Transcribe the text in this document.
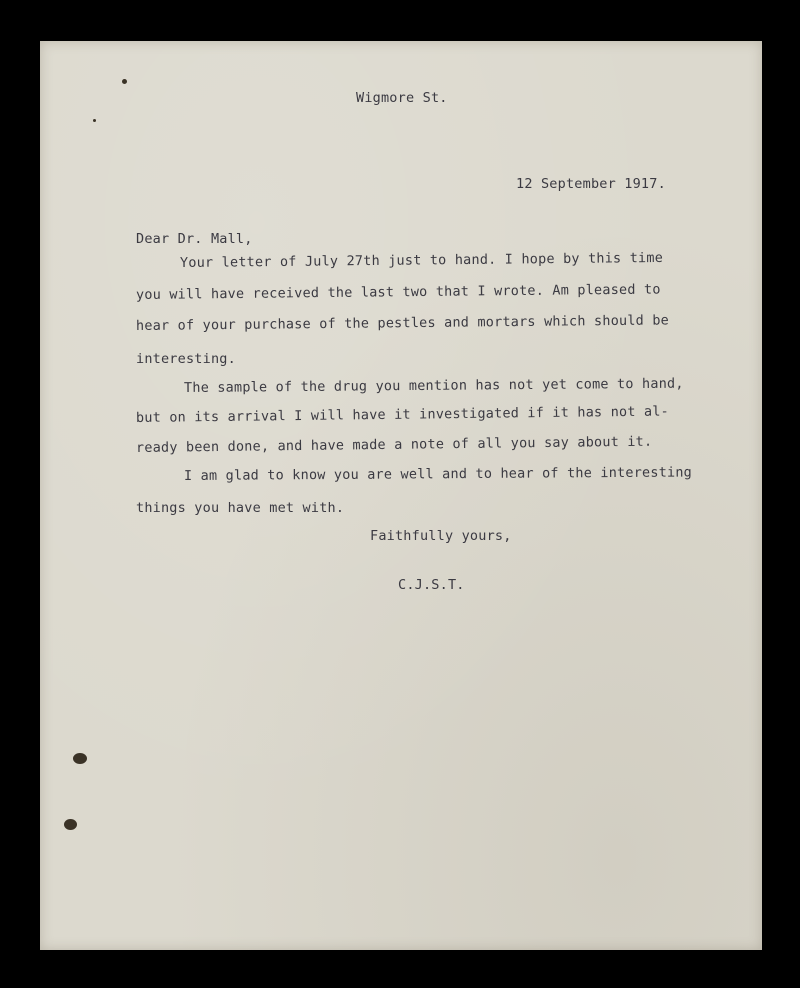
Wigmore St.
12 September 1917.
Dear Dr. Mall,
Your letter of July 27th just to hand. I hope by this time
you will have received the last two that I wrote. Am pleased to
hear of your purchase of the pestles and mortars which should be
interesting.
The sample of the drug you mention has not yet come to hand,
but on its arrival I will have it investigated if it has not al-
ready been done, and have made a note of all you say about it.
I am glad to know you are well and to hear of the interesting
things you have met with.
Faithfully yours,
C.J.S.T.
